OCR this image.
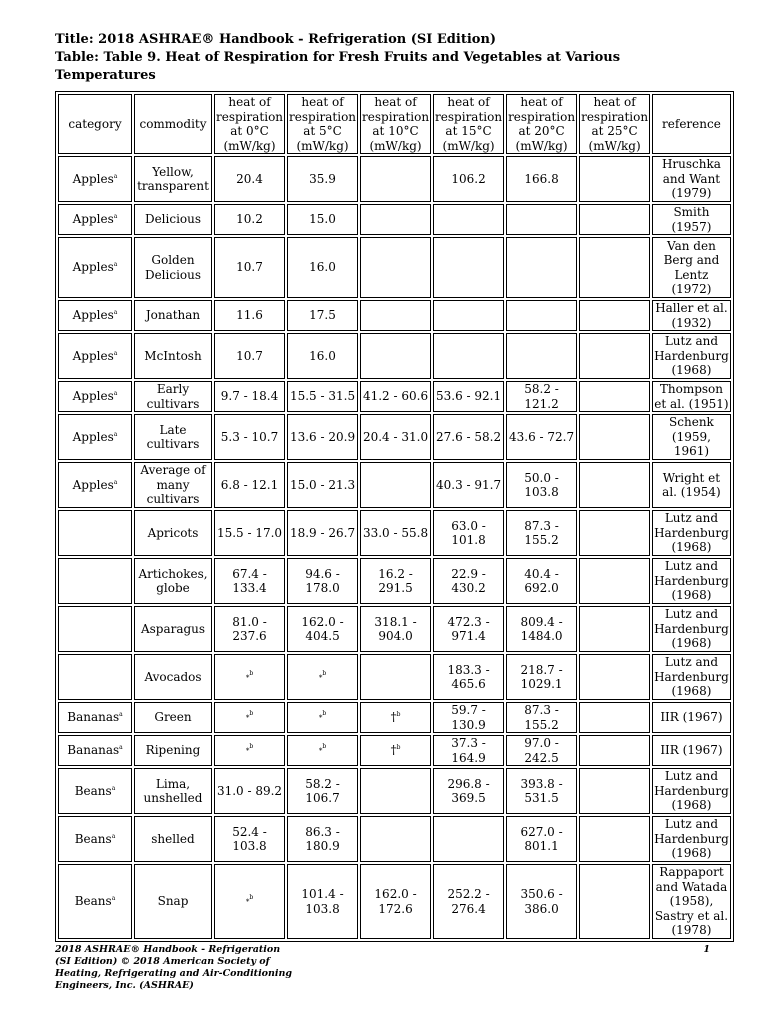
Title: 2018 ASHRAE® Handbook - Refrigeration (SI Edition)
Table: Table 9. Heat of Respiration for Fresh Fruits and Vegetables at Various Temperatures
category	commodity	heat of respiration at 0°C (mW/kg)	heat of respiration at 5°C (mW/kg)	heat of respiration at 10°C (mW/kg)	heat of respiration at 15°C (mW/kg)	heat of respiration at 20°C (mW/kg)	heat of respiration at 25°C (mW/kg)	reference
Apples$^a$	Yellow, transparent	20.4	35.9		106.2	166.8		Hruschka and Want (1979)
Apples$^a$	Delicious	10.2	15.0					Smith (1957)
Apples$^a$	Golden Delicious	10.7	16.0					Van den Berg and Lentz (1972)
Apples$^a$	Jonathan	11.6	17.5					Haller et al. (1932)
Apples$^a$	McIntosh	10.7	16.0					Lutz and Hardenburg (1968)
Apples$^a$	Early cultivars	9.7 - 18.4	15.5 - 31.5	41.2 - 60.6	53.6 - 92.1	58.2 - 121.2		Thompson et al. (1951)
Apples$^a$	Late cultivars	5.3 - 10.7	13.6 - 20.9	20.4 - 31.0	27.6 - 58.2	43.6 - 72.7		Schenk (1959, 1961)
Apples$^a$	Average of many cultivars	6.8 - 12.1	15.0 - 21.3		40.3 - 91.7	50.0 - 103.8		Wright et al. (1954)
	Apricots	15.5 - 17.0	18.9 - 26.7	33.0 - 55.8	63.0 - 101.8	87.3 - 155.2		Lutz and Hardenburg (1968)
	Artichokes, globe	67.4 - 133.4	94.6 - 178.0	16.2 - 291.5	22.9 - 430.2	40.4 - 692.0		Lutz and Hardenburg (1968)
	Asparagus	81.0 - 237.6	162.0 - 404.5	318.1 - 904.0	472.3 - 971.4	809.4 - 1484.0		Lutz and Hardenburg (1968)
	Avocados	*$^b$	*$^b$		183.3 - 465.6	218.7 - 1029.1		Lutz and Hardenburg (1968)
Bananas$^a$	Green	*$^b$	*$^b$	†$^b$	59.7 - 130.9	87.3 - 155.2		IIR (1967)
Bananas$^a$	Ripening	*$^b$	*$^b$	†$^b$	37.3 - 164.9	97.0 - 242.5		IIR (1967)
Beans$^a$	Lima, unshelled	31.0 - 89.2	58.2 - 106.7		296.8 - 369.5	393.8 - 531.5		Lutz and Hardenburg (1968)
Beans$^a$	shelled	52.4 - 103.8	86.3 - 180.9			627.0 - 801.1		Lutz and Hardenburg (1968)
Beans$^a$	Snap	*$^b$	101.4 - 103.8	162.0 - 172.6	252.2 - 276.4	350.6 - 386.0		Rappaport and Watada (1958), Sastry et al. (1978)
2018 ASHRAE® Handbook - Refrigeration (SI Edition) © 2018 American Society of Heating, Refrigerating and Air-Conditioning Engineers, Inc. (ASHRAE)
1
